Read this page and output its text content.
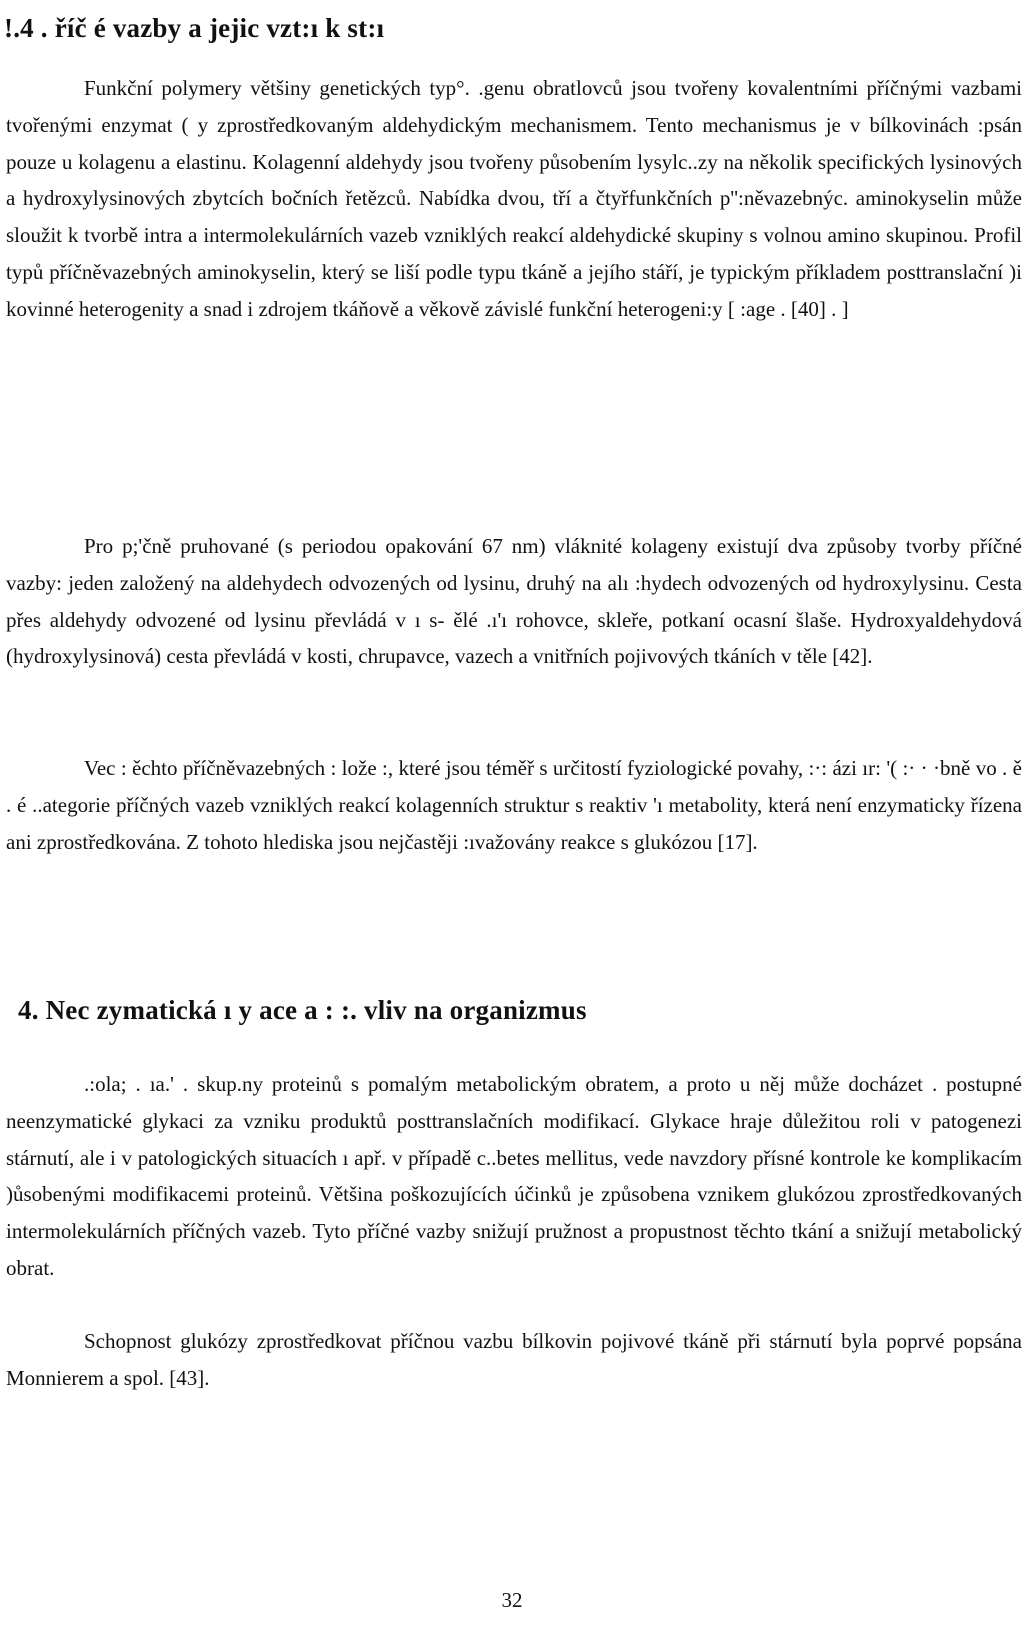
!.4 . říč é vazby a jejic vzt:ı k st:ı

Funkční polymery většiny genetických typ°. .genu obratlovců jsou tvořeny kovalentními příčnými vazbami tvořenými enzymat ( y zprostředkovaným aldehydickým mechanismem. Tento mechanismus je v bílkovinách :psán pouze u kolagenu a elastinu. Kolagenní aldehydy jsou tvořeny působením lysylc..zy na několik specifických lysinových a hydroxylysinových zbytcích bočních řetězců. Nabídka dvou, tří a čtyřfunkčních p'':něvazebnýc. aminokyselin může sloužit k tvorbě intra a intermolekulárních vazeb vzniklých reakcí aldehydické skupiny s volnou amino skupinou. Profil typů příčněvazebných aminokyselin, který se liší podle typu tkáně a jejího stáří, je typickým příkladem posttranslační )i kovinné heterogenity a snad i zdrojem tkáňově a věkově závislé funkční heterogeni:y [ :age . [40] . ]

Pro p;'čně pruhované (s periodou opakování 67 nm) vláknité kolageny existují dva způsoby tvorby příčné vazby: jeden založený na aldehydech odvozených od lysinu, druhý na alı :hydech odvozených od hydroxylysinu. Cesta přes aldehydy odvozené od lysinu převládá v ı s- ělé .ı'ı rohovce, skleře, potkaní ocasní šlaše. Hydroxyaldehydová (hydroxylysinová) cesta převládá v kosti, chrupavce, vazech a vnitřních pojivových tkáních v těle [42].

Vec : ěchto příčněvazebných : lože :, které jsou téměř s určitostí fyziologické povahy, :·: ázi ır: '( :· · ·bně vo . ě . é ..ategorie příčných vazeb vzniklých reakcí kolagenních struktur s reaktiv 'ı metabolity, která není enzymaticky řízena ani zprostředkována. Z tohoto hlediska jsou nejčastěji :ıvažovány reakce s glukózou [17].

4. Nec zymatická ı y ace a : :. vliv na organizmus

.:ola; . ıa.' . skup.ny proteinů s pomalým metabolickým obratem, a proto u něj může docházet . postupné neenzymatické glykaci za vzniku produktů posttranslačních modifikací. Glykace hraje důležitou roli v patogenezi stárnutí, ale i v patologických situacích ı apř. v případě c..betes mellitus, vede navzdory přísné kontrole ke komplikacím )ůsobenými modifikacemi proteinů. Většina poškozujících účinků je způsobena vznikem glukózou zprostředkovaných intermolekulárních příčných vazeb. Tyto příčné vazby snižují pružnost a propustnost těchto tkání a snižují metabolický obrat.

Schopnost glukózy zprostředkovat příčnou vazbu bílkovin pojivové tkáně při stárnutí byla poprvé popsána Monnierem a spol. [43].

32
